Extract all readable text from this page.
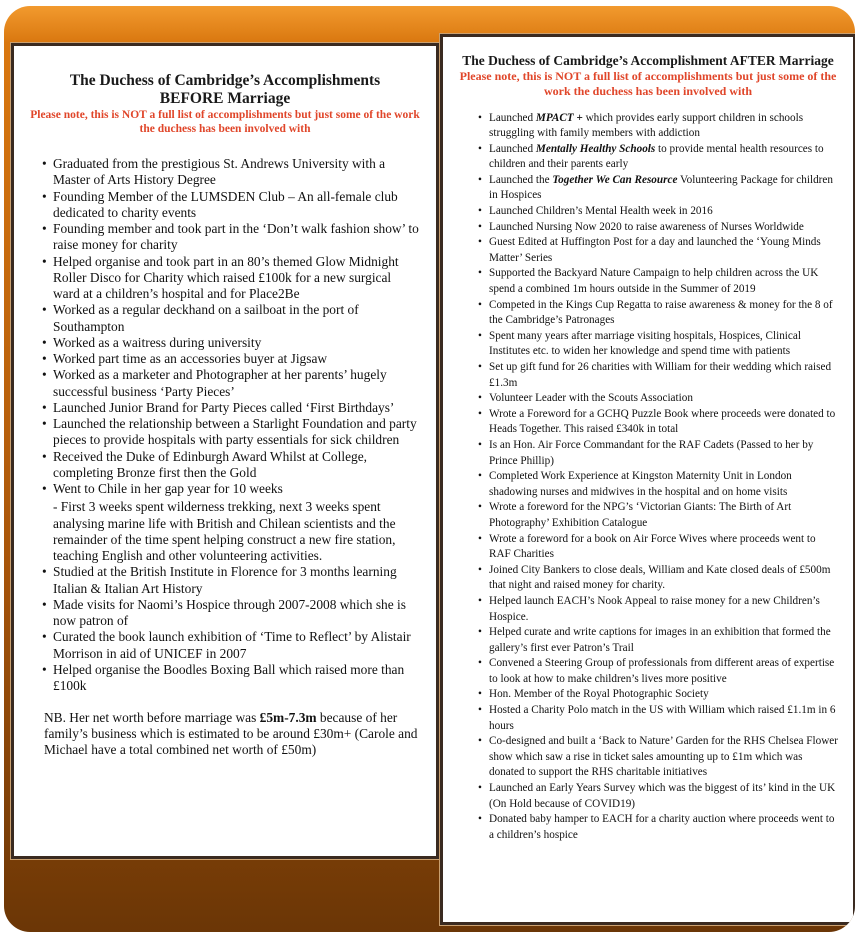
The Duchess of Cambridge’s Accomplishments
BEFORE Marriage

Please note, this is NOT a full list of accomplishments but just some of the work the duchess has been involved with

• Graduated from the prestigious St. Andrews University with a Master of Arts History Degree
• Founding Member of the LUMSDEN Club – An all-female club dedicated to charity events
• Founding member and took part in the ‘Don’t walk fashion show’ to raise money for charity
• Helped organise and took part in an 80’s themed Glow Midnight Roller Disco for Charity which raised £100k for a new surgical ward at a children’s hospital and for Place2Be
• Worked as a regular deckhand on a sailboat in the port of Southampton
• Worked as a waitress during university
• Worked part time as an accessories buyer at Jigsaw
• Worked as a marketer and Photographer at her parents’ hugely successful business ‘Party Pieces’
• Launched Junior Brand for Party Pieces called ‘First Birthdays’
• Launched the relationship between a Starlight Foundation and party pieces to provide hospitals with party essentials for sick children
• Received the Duke of Edinburgh Award Whilst at College, completing Bronze first then the Gold
• Went to Chile in her gap year for 10 weeks
- First 3 weeks spent wilderness trekking, next 3 weeks spent analysing marine life with British and Chilean scientists and the remainder of the time spent helping construct a new fire station, teaching English and other volunteering activities.
• Studied at the British Institute in Florence for 3 months learning Italian & Italian Art History
• Made visits for Naomi’s Hospice through 2007-2008 which she is now patron of
• Curated the book launch exhibition of ‘Time to Reflect’ by Alistair Morrison in aid of UNICEF in 2007
• Helped organise the Boodles Boxing Ball which raised more than £100k

NB. Her net worth before marriage was £5m-7.3m because of her family’s business which is estimated to be around £30m+ (Carole and Michael have a total combined net worth of £50m)

The Duchess of Cambridge’s Accomplishment AFTER Marriage

Please note, this is NOT a full list of accomplishments but just some of the work the duchess has been involved with

• Launched MPACT + which provides early support children in schools struggling with family members with addiction
• Launched Mentally Healthy Schools to provide mental health resources to children and their parents early
• Launched the Together We Can Resource Volunteering Package for children in Hospices
• Launched Children’s Mental Health week in 2016
• Launched Nursing Now 2020 to raise awareness of Nurses Worldwide
• Guest Edited at Huffington Post for a day and launched the ‘Young Minds Matter’ Series
• Supported the Backyard Nature Campaign to help children across the UK spend a combined 1m hours outside in the Summer of 2019
• Competed in the Kings Cup Regatta to raise awareness & money for the 8 of the Cambridge’s Patronages
• Spent many years after marriage visiting hospitals, Hospices, Clinical Institutes etc. to widen her knowledge and spend time with patients
• Set up gift fund for 26 charities with William for their wedding which raised £1.3m
• Volunteer Leader with the Scouts Association
• Wrote a Foreword for a GCHQ Puzzle Book where proceeds were donated to Heads Together. This raised £340k in total
• Is an Hon. Air Force Commandant for the RAF Cadets (Passed to her by Prince Phillip)
• Completed Work Experience at Kingston Maternity Unit in London shadowing nurses and midwives in the hospital and on home visits
• Wrote a foreword for the NPG’s ‘Victorian Giants: The Birth of Art Photography’ Exhibition Catalogue
• Wrote a foreword for a book on Air Force Wives where proceeds went to RAF Charities
• Joined City Bankers to close deals, William and Kate closed deals of £500m that night and raised money for charity.
• Helped launch EACH’s Nook Appeal to raise money for a new Children’s Hospice.
• Helped curate and write captions for images in an exhibition that formed the gallery’s first ever Patron’s Trail
• Convened a Steering Group of professionals from different areas of expertise to look at how to make children’s lives more positive
• Hon. Member of the Royal Photographic Society
• Hosted a Charity Polo match in the US with William which raised £1.1m in 6 hours
• Co-designed and built a ‘Back to Nature’ Garden for the RHS Chelsea Flower show which saw a rise in ticket sales amounting up to £1m which was donated to support the RHS charitable initiatives
• Launched an Early Years Survey which was the biggest of its’ kind in the UK (On Hold because of COVID19)
• Donated baby hamper to EACH for a charity auction where proceeds went to a children’s hospice
